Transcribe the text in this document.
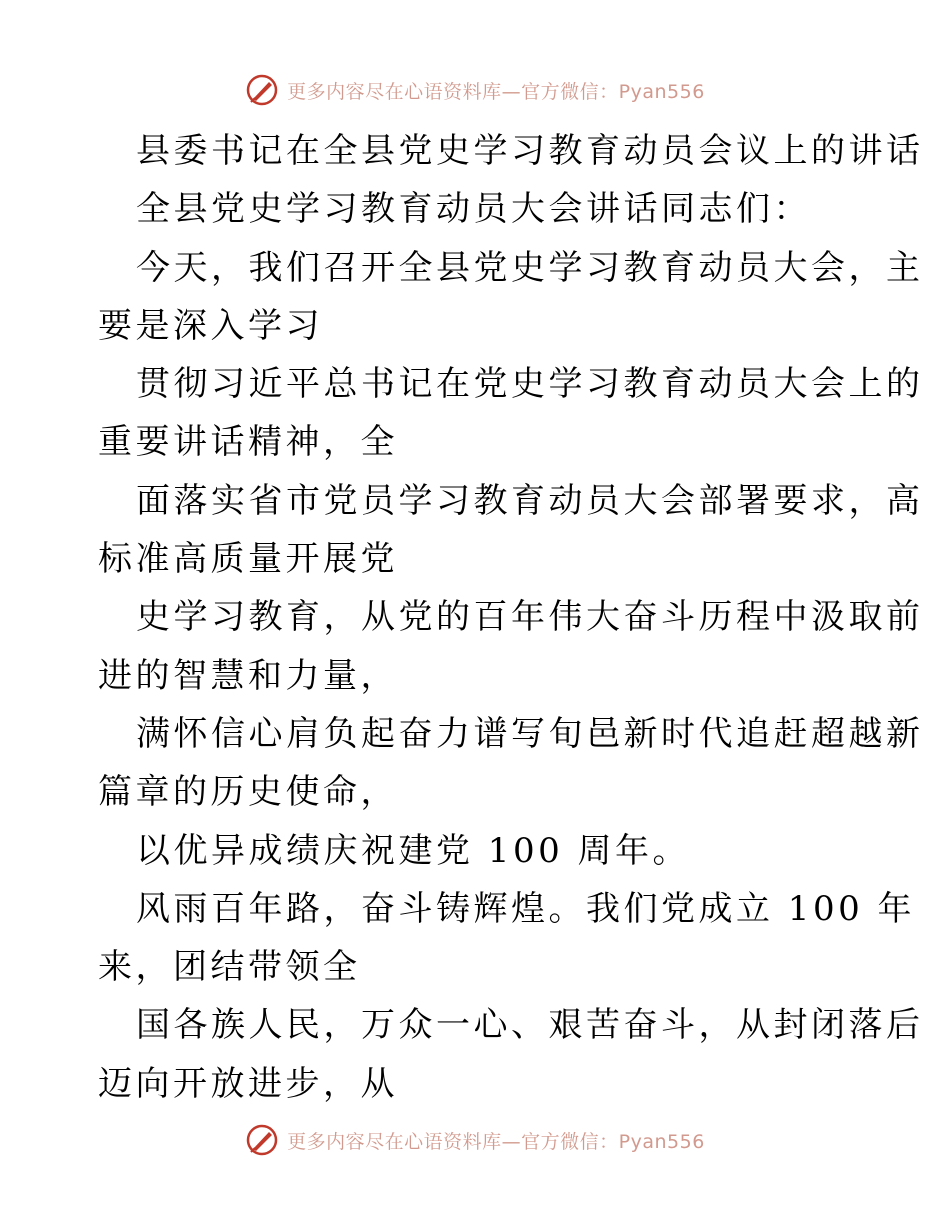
更多内容尽在心语资料库—官方微信：Pyan556
县委书记在全县党史学习教育动员会议上的讲话
全县党史学习教育动员大会讲话同志们：
今天，我们召开全县党史学习教育动员大会，主
要是深入学习
贯彻习近平总书记在党史学习教育动员大会上的
重要讲话精神，全
面落实省市党员学习教育动员大会部署要求，高
标准高质量开展党
史学习教育，从党的百年伟大奋斗历程中汲取前
进的智慧和力量，
满怀信心肩负起奋力谱写旬邑新时代追赶超越新
篇章的历史使命，
以优异成绩庆祝建党 100 周年。
风雨百年路，奋斗铸辉煌。我们党成立 100 年
来，团结带领全
国各族人民，万众一心、艰苦奋斗，从封闭落后
迈向开放进步，从
更多内容尽在心语资料库—官方微信：Pyan556
